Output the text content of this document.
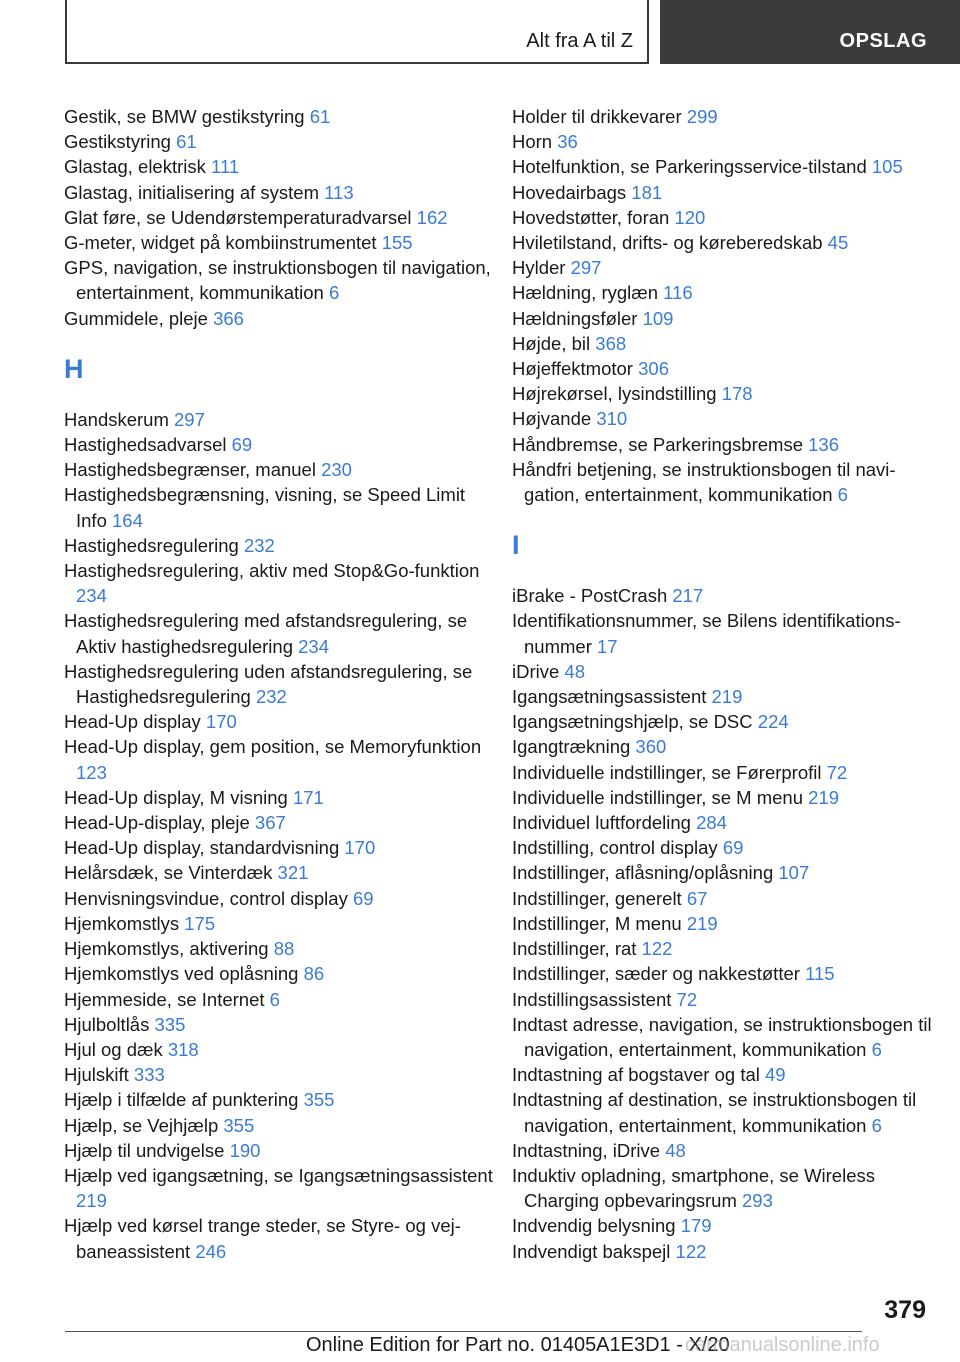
Alt fra A til Z	OPSLAG
Gestik, se BMW gestikstyring 61
Gestikstyring 61
Glastag, elektrisk 111
Glastag, initialisering af system 113
Glat føre, se Udendørstemperaturadvarsel 162
G-meter, widget på kombiinstrumentet 155
GPS, navigation, se instruktionsbogen til navigation, entertainment, kommunikation 6
Gummidele, pleje 366
H
Handskerum 297
Hastighedsadvarsel 69
Hastighedsbegrænser, manuel 230
Hastighedsbegrænsning, visning, se Speed Limit Info 164
Hastighedsregulering 232
Hastighedsregulering, aktiv med Stop&Go-funktion 234
Hastighedsregulering med afstandsregulering, se Aktiv hastighedsregulering 234
Hastighedsregulering uden afstandsregulering, se Hastighedsregulering 232
Head-Up display 170
Head-Up display, gem position, se Memoryfunktion 123
Head-Up display, M visning 171
Head-Up-display, pleje 367
Head-Up display, standardvisning 170
Helårsdæk, se Vinterdæk 321
Henvisningsvindue, control display 69
Hjemkomstlys 175
Hjemkomstlys, aktivering 88
Hjemkomstlys ved oplåsning 86
Hjemmeside, se Internet 6
Hjulboltlås 335
Hjul og dæk 318
Hjulskift 333
Hjælp i tilfælde af punktering 355
Hjælp, se Vejhjælp 355
Hjælp til undvigelse 190
Hjælp ved igangsætning, se Igangsætningsassistent 219
Hjælp ved kørsel trange steder, se Styre- og vejbaneassistent 246
Holder til drikkevarer 299
Horn 36
Hotelfunktion, se Parkeringsservice-tilstand 105
Hovedairbags 181
Hovedstøtter, foran 120
Hviletilstand, drifts- og køreberedskab 45
Hylder 297
Hældning, ryglæn 116
Hældningsføler 109
Højde, bil 368
Højeffektmotor 306
Højrekørsel, lysindstilling 178
Højvande 310
Håndbremse, se Parkeringsbremse 136
Håndfri betjening, se instruktionsbogen til navigation, entertainment, kommunikation 6
I
iBrake - PostCrash 217
Identifikationsnummer, se Bilens identifikationsnummer 17
iDrive 48
Igangsætningsassistent 219
Igangsætningshjælp, se DSC 224
Igangtrækning 360
Individuelle indstillinger, se Førerprofil 72
Individuelle indstillinger, se M menu 219
Individuel luftfordeling 284
Indstilling, control display 69
Indstillinger, aflåsning/oplåsning 107
Indstillinger, generelt 67
Indstillinger, M menu 219
Indstillinger, rat 122
Indstillinger, sæder og nakkestøtter 115
Indstillingsassistent 72
Indtast adresse, navigation, se instruktionsbogen til navigation, entertainment, kommunikation 6
Indtastning af bogstaver og tal 49
Indtastning af destination, se instruktionsbogen til navigation, entertainment, kommunikation 6
Indtastning, iDrive 48
Induktiv opladning, smartphone, se Wireless Charging opbevaringsrum 293
Indvendig belysning 179
Indvendigt bakspejl 122
379
Online Edition for Part no. 01405A1E3D1 - X/20
carmanualsonline.info
